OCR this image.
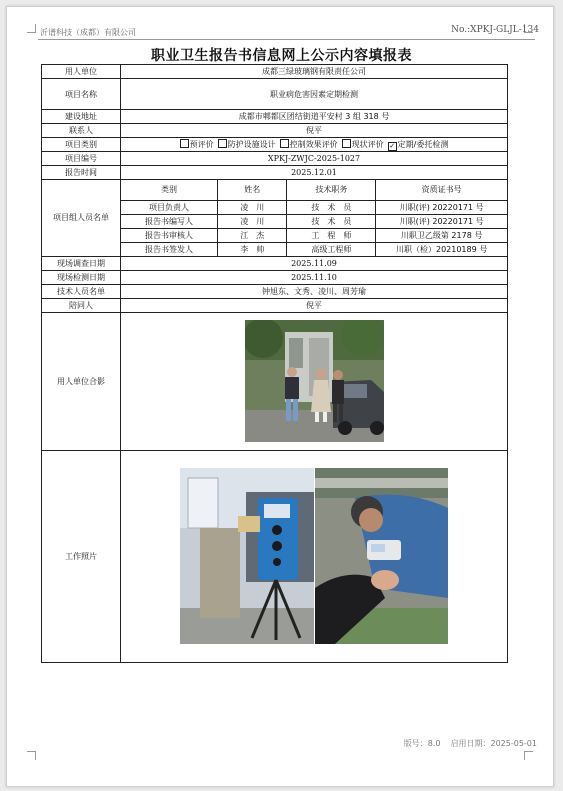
沂谱科技（成都）有限公司	No.:XPKJ-GLJL-134
职业卫生报告书信息网上公示内容填报表
用人单位	成都三绿玻璃钢有限责任公司
项目名称	职业病危害因素定期检测
建设地址	成都市郫都区团结街道平安村 3 组 318 号
联系人	倪平
项目类别	预评价 防护设施设计 控制效果评价 现状评价 ✓ 定期/委托检测
项目编号	XPKJ-ZWJC-2025-1027
报告时间	2025.12.01
项目组人员名单	
类别	姓名	技术职务	资质证书号
项目负责人	凌　川	技　术　员	川职(评) 20220171 号
报告书编写人	凌　川	技　术　员	川职(评) 20220171 号
报告书审核人	江　杰	工　程　师	川职卫乙级第 2178 号
报告书签发人	李　帅	高级工程师	川职（检）20210189 号

现场调查日期	2025.11.09
现场检测日期	2025.11.10
技术人员名单	钟旭东、文秀、凌川、周芳瑜
陪同人	倪平
用人单位合影	
工作照片	
版号：8.0 启用日期：2025-05-01
